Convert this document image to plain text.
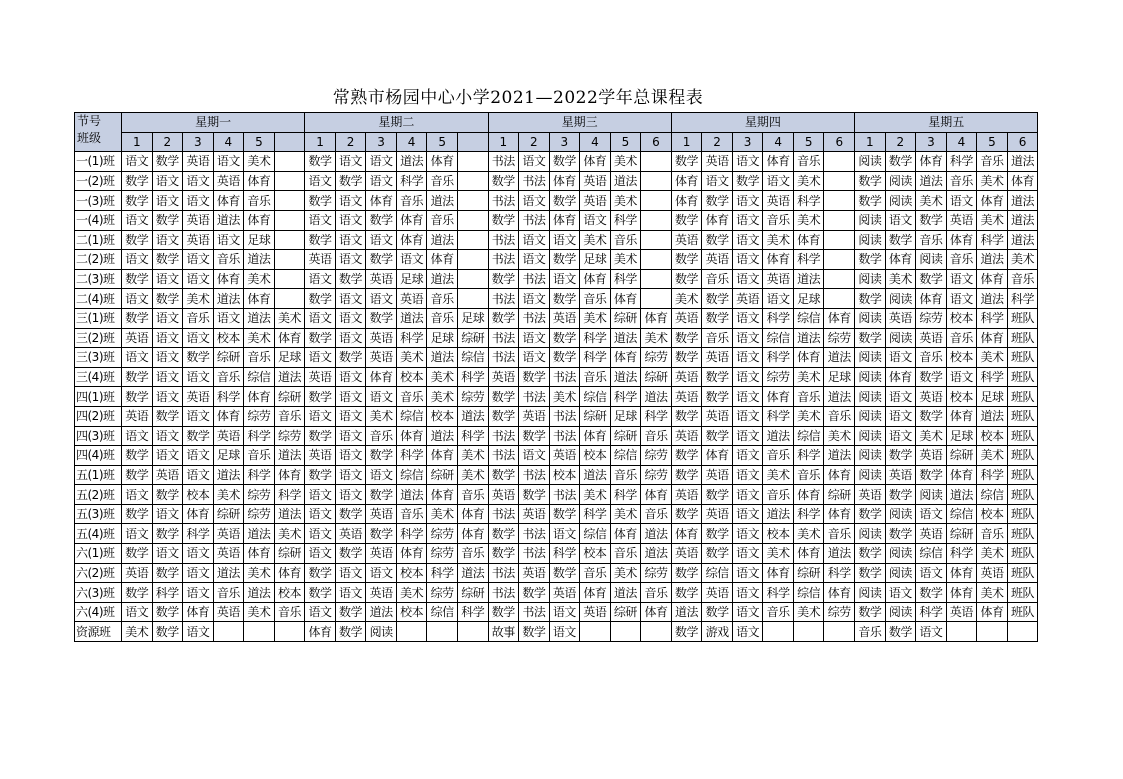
常熟市杨园中心小学2021—2022学年总课程表
节号
班级	星期一						星期二						星期三						星期四						星期五					
	1	2	3	4	5		1	2	3	4	5		1	2	3	4	5	6	1	2	3	4	5	6	1	2	3	4	5	6
一(1)班	语文	数学	英语	语文	美术		数学	语文	语文	道法	体育		书法	语文	数学	体育	美术		数学	英语	语文	体育	音乐		阅读	数学	体育	科学	音乐	道法
一(2)班	数学	语文	语文	英语	体育		语文	数学	语文	科学	音乐		数学	书法	体育	英语	道法		体育	语文	数学	语文	美术		数学	阅读	道法	音乐	美术	体育
一(3)班	数学	语文	语文	体育	音乐		数学	语文	体育	音乐	道法		书法	语文	数学	英语	美术		体育	数学	语文	英语	科学		数学	阅读	美术	语文	体育	道法
一(4)班	语文	数学	英语	道法	体育		语文	语文	数学	体育	音乐		数学	书法	体育	语文	科学		数学	体育	语文	音乐	美术		阅读	语文	数学	英语	美术	道法
二(1)班	数学	语文	英语	语文	足球		数学	语文	语文	体育	道法		书法	语文	语文	美术	音乐		英语	数学	语文	美术	体育		阅读	数学	音乐	体育	科学	道法
二(2)班	语文	数学	语文	音乐	道法		英语	语文	数学	语文	体育		书法	语文	数学	足球	美术		数学	英语	语文	体育	科学		数学	体育	阅读	音乐	道法	美术
二(3)班	数学	语文	语文	体育	美术		语文	数学	英语	足球	道法		数学	书法	语文	体育	科学		数学	音乐	语文	英语	道法		阅读	美术	数学	语文	体育	音乐
二(4)班	语文	数学	美术	道法	体育		数学	语文	语文	英语	音乐		书法	语文	数学	音乐	体育		美术	数学	英语	语文	足球		数学	阅读	体育	语文	道法	科学
三(1)班	数学	语文	音乐	语文	道法	美术	语文	语文	数学	道法	音乐	足球	数学	书法	英语	美术	综研	体育	英语	数学	语文	科学	综信	体育	阅读	英语	综劳	校本	科学	班队
三(2)班	英语	语文	语文	校本	美术	体育	数学	语文	英语	科学	足球	综研	书法	语文	数学	科学	道法	美术	数学	音乐	语文	综信	道法	综劳	数学	阅读	英语	音乐	体育	班队
三(3)班	语文	语文	数学	综研	音乐	足球	语文	数学	英语	美术	道法	综信	书法	语文	数学	科学	体育	综劳	数学	英语	语文	科学	体育	道法	阅读	语文	音乐	校本	美术	班队
三(4)班	数学	语文	语文	音乐	综信	道法	英语	语文	体育	校本	美术	科学	英语	数学	书法	音乐	道法	综研	英语	数学	语文	综劳	美术	足球	阅读	体育	数学	语文	科学	班队
四(1)班	数学	语文	英语	科学	体育	综研	数学	语文	语文	音乐	美术	综劳	数学	书法	美术	综信	科学	道法	英语	数学	语文	体育	音乐	道法	阅读	语文	英语	校本	足球	班队
四(2)班	英语	数学	语文	体育	综劳	音乐	语文	语文	美术	综信	校本	道法	数学	英语	书法	综研	足球	科学	数学	英语	语文	科学	美术	音乐	阅读	语文	数学	体育	道法	班队
四(3)班	语文	语文	数学	英语	科学	综劳	数学	语文	音乐	体育	道法	科学	书法	数学	书法	体育	综研	音乐	英语	数学	语文	道法	综信	美术	阅读	语文	美术	足球	校本	班队
四(4)班	数学	语文	语文	足球	音乐	道法	英语	语文	数学	科学	体育	美术	书法	语文	英语	校本	综信	综劳	数学	体育	语文	音乐	科学	道法	阅读	数学	英语	综研	美术	班队
五(1)班	数学	英语	语文	道法	科学	体育	数学	语文	语文	综信	综研	美术	数学	书法	校本	道法	音乐	综劳	数学	英语	语文	美术	音乐	体育	阅读	英语	数学	体育	科学	班队
五(2)班	语文	数学	校本	美术	综劳	科学	语文	语文	数学	道法	体育	音乐	英语	数学	书法	美术	科学	体育	英语	数学	语文	音乐	体育	综研	英语	数学	阅读	道法	综信	班队
五(3)班	数学	语文	体育	综研	综劳	道法	语文	数学	英语	音乐	美术	体育	书法	英语	数学	科学	美术	音乐	数学	英语	语文	道法	科学	体育	数学	阅读	语文	综信	校本	班队
五(4)班	语文	数学	科学	英语	道法	美术	语文	英语	数学	科学	综劳	体育	数学	书法	语文	综信	体育	道法	体育	数学	语文	校本	美术	音乐	阅读	数学	英语	综研	音乐	班队
六(1)班	数学	语文	语文	英语	体育	综研	语文	数学	英语	体育	综劳	音乐	数学	书法	科学	校本	音乐	道法	英语	数学	语文	美术	体育	道法	数学	阅读	综信	科学	美术	班队
六(2)班	英语	数学	语文	道法	美术	体育	数学	语文	语文	校本	科学	道法	书法	英语	数学	音乐	美术	综劳	数学	综信	语文	体育	综研	科学	数学	阅读	语文	体育	英语	班队
六(3)班	数学	科学	语文	音乐	道法	校本	数学	语文	英语	美术	综劳	综研	书法	数学	英语	体育	道法	音乐	数学	英语	语文	科学	综信	体育	阅读	语文	数学	体育	美术	班队
六(4)班	语文	数学	体育	英语	美术	音乐	语文	数学	道法	校本	综信	科学	数学	书法	语文	英语	综研	体育	道法	数学	语文	音乐	美术	综劳	数学	阅读	科学	英语	体育	班队
资源班	美术	数学	语文				体育	数学	阅读				故事	数学	语文				数学	游戏	语文				音乐	数学	语文			
